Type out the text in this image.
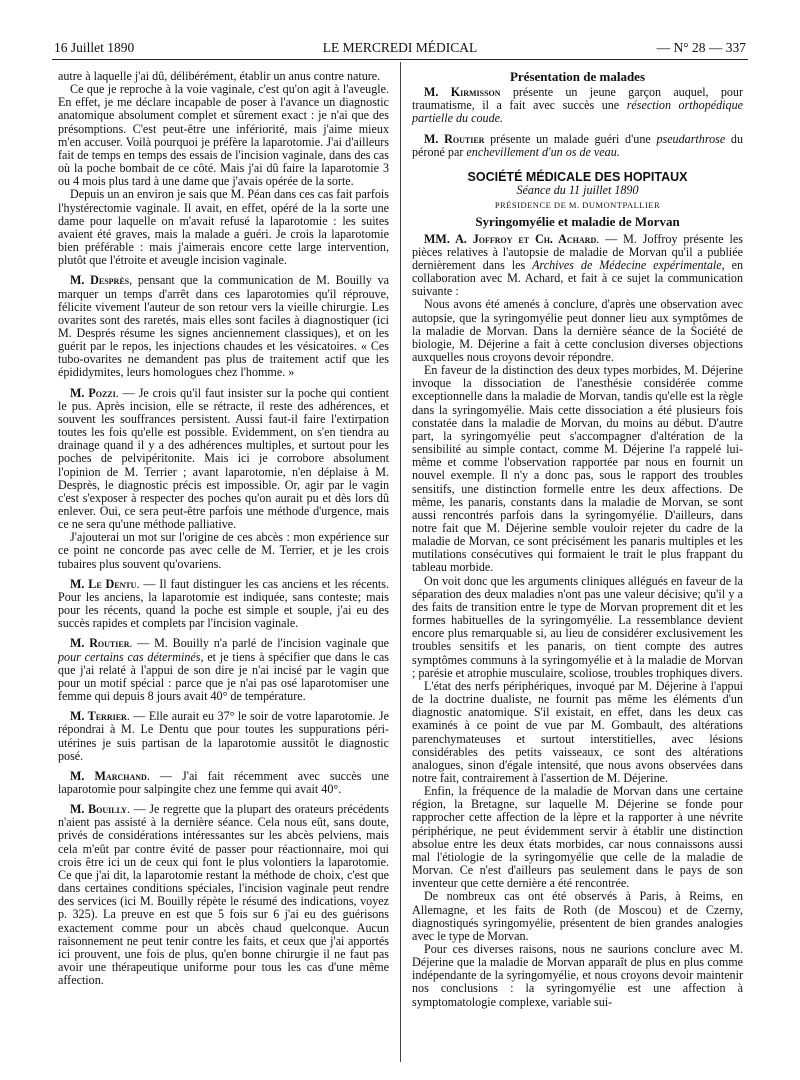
16 Juillet 1890	LE MERCREDI MÉDICAL	— N° 28 — 337

autre à laquelle j'ai dû, délibérément, établir un anus contre nature.

Ce que je reproche à la voie vaginale, c'est qu'on agit à l'aveugle. En effet, je me déclare incapable de poser à l'avance un diagnostic anatomique absolument complet et sûrement exact : je n'ai que des présomptions. C'est peut-être une infériorité, mais j'aime mieux m'en accuser. Voilà pourquoi je préfère la laparotomie. J'ai d'ailleurs fait de temps en temps des essais de l'incision vaginale, dans des cas où la poche bombait de ce côté. Mais j'ai dû faire la laparotomie 3 ou 4 mois plus tard à une dame que j'avais opérée de la sorte.

Depuis un an environ je sais que M. Péan dans ces cas fait parfois l'hystérectomie vaginale. Il avait, en effet, opéré de la la sorte une dame pour laquelle on m'avait refusé la laparotomie : les suites avaient été graves, mais la malade a guéri. Je crois la laparotomie bien préférable : mais j'aimerais encore cette large intervention, plutôt que l'étroite et aveugle incision vaginale.

M. Desprès, pensant que la communication de M. Bouilly va marquer un temps d'arrêt dans ces laparotomies qu'il réprouve, félicite vivement l'auteur de son retour vers la vieille chirurgie. Les ovarites sont des raretés, mais elles sont faciles à diagnostiquer (ici M. Després résume les signes anciennement classiques), et on les guérit par le repos, les injections chaudes et les vésicatoires. « Ces tubo-ovarites ne demandent pas plus de traitement actif que les épididymites, leurs homologues chez l'homme. »

M. Pozzi. — Je crois qu'il faut insister sur la poche qui contient le pus. Après incision, elle se rétracte, il reste des adhérences, et souvent les souffrances persistent. Aussi faut-il faire l'extirpation toutes les fois qu'elle est possible. Evidemment, on s'en tiendra au drainage quand il y a des adhérences multiples, et surtout pour les poches de pelvipéritonite. Mais ici je corrobore absolument l'opinion de M. Terrier ; avant laparotomie, n'en déplaise à M. Desprès, le diagnostic précis est impossible. Or, agir par le vagin c'est s'exposer à respecter des poches qu'on aurait pu et dès lors dû enlever. Oui, ce sera peut-être parfois une méthode d'urgence, mais ce ne sera qu'une méthode palliative.

J'ajouterai un mot sur l'origine de ces abcès : mon expérience sur ce point ne concorde pas avec celle de M. Terrier, et je les crois tubaires plus souvent qu'ovariens.

M. Le Dentu. — Il faut distinguer les cas anciens et les récents. Pour les anciens, la laparotomie est indiquée, sans conteste; mais pour les récents, quand la poche est simple et souple, j'ai eu des succès rapides et complets par l'incision vaginale.

M. Routier. — M. Bouilly n'a parlé de l'incision vaginale que pour certains cas déterminés, et je tiens à spécifier que dans le cas que j'ai relaté à l'appui de son dire je n'ai incisé par le vagin que pour un motif spécial : parce que je n'ai pas osé laparotomiser une femme qui depuis 8 jours avait 40° de température.

M. Terrier. — Elle aurait eu 37° le soir de votre laparotomie. Je répondrai à M. Le Dentu que pour toutes les suppurations péri-utérines je suis partisan de la laparotomie aussitôt le diagnostic posé.

M. Marchand. — J'ai fait récemment avec succès une laparotomie pour salpingite chez une femme qui avait 40°.

M. Bouilly. — Je regrette que la plupart des orateurs précédents n'aient pas assisté à la dernière séance. Cela nous eût, sans doute, privés de considérations intéressantes sur les abcès pelviens, mais cela m'eût par contre évité de passer pour réactionnaire, moi qui crois être ici un de ceux qui font le plus volontiers la laparotomie. Ce que j'ai dit, la laparotomie restant la méthode de choix, c'est que dans certaines conditions spéciales, l'incision vaginale peut rendre des services (ici M. Bouilly répète le résumé des indications, voyez p. 325). La preuve en est que 5 fois sur 6 j'ai eu des guérisons exactement comme pour un abcès chaud quelconque. Aucun raisonnement ne peut tenir contre les faits, et ceux que j'ai apportés ici prouvent, une fois de plus, qu'en bonne chirurgie il ne faut pas avoir une thérapeutique uniforme pour tous les cas d'une même affection.

Présentation de malades

M. Kirmisson présente un jeune garçon auquel, pour traumatisme, il a fait avec succès une résection orthopédique partielle du coude.

M. Routier présente un malade guéri d'une pseudarthrose du péroné par enchevillement d'un os de veau.

SOCIÉTÉ MÉDICALE DES HOPITAUX

Séance du 11 juillet 1890

PRÉSIDENCE DE M. DUMONTPALLIER

Syringomyélie et maladie de Morvan

MM. A. Joffroy et Ch. Achard. — M. Joffroy présente les pièces relatives à l'autopsie de maladie de Morvan qu'il a publiée dernièrement dans les Archives de Médecine expérimentale, en collaboration avec M. Achard, et fait à ce sujet la communication suivante :

Nous avons été amenés à conclure, d'après une observation avec autopsie, que la syringomyélie peut donner lieu aux symptômes de la maladie de Morvan. Dans la dernière séance de la Société de biologie, M. Déjerine a fait à cette conclusion diverses objections auxquelles nous croyons devoir répondre.

En faveur de la distinction des deux types morbides, M. Déjerine invoque la dissociation de l'anesthésie considérée comme exceptionnelle dans la maladie de Morvan, tandis qu'elle est la règle dans la syringomyélie. Mais cette dissociation a été plusieurs fois constatée dans la maladie de Morvan, du moins au début. D'autre part, la syringomyélie peut s'accompagner d'altération de la sensibilité au simple contact, comme M. Déjerine l'a rappelé lui-même et comme l'observation rapportée par nous en fournit un nouvel exemple. Il n'y a donc pas, sous le rapport des troubles sensitifs, une distinction formelle entre les deux affections. De même, les panaris, constants dans la maladie de Morvan, se sont aussi rencontrés parfois dans la syringomyélie. D'ailleurs, dans notre fait que M. Déjerine semble vouloir rejeter du cadre de la maladie de Morvan, ce sont précisément les panaris multiples et les mutilations consécutives qui formaient le trait le plus frappant du tableau morbide.

On voit donc que les arguments cliniques allégués en faveur de la séparation des deux maladies n'ont pas une valeur décisive; qu'il y a des faits de transition entre le type de Morvan proprement dit et les formes habituelles de la syringomyélie. La ressemblance devient encore plus remarquable si, au lieu de considérer exclusivement les troubles sensitifs et les panaris, on tient compte des autres symptômes communs à la syringomyélie et à la maladie de Morvan ; parésie et atrophie musculaire, scoliose, troubles trophiques divers.

L'état des nerfs périphériques, invoqué par M. Déjerine à l'appui de la doctrine dualiste, ne fournit pas même les éléments d'un diagnostic anatomique. S'il existait, en effet, dans les deux cas examinés à ce point de vue par M. Gombault, des altérations parenchymateuses et surtout interstitielles, avec lésions considérables des petits vaisseaux, ce sont des altérations analogues, sinon d'égale intensité, que nous avons observées dans notre fait, contrairement à l'assertion de M. Déjerine.

Enfin, la fréquence de la maladie de Morvan dans une certaine région, la Bretagne, sur laquelle M. Déjerine se fonde pour rapprocher cette affection de la lèpre et la rapporter à une névrite périphérique, ne peut évidemment servir à établir une distinction absolue entre les deux états morbides, car nous connaissons aussi mal l'étiologie de la syringomyélie que celle de la maladie de Morvan. Ce n'est d'ailleurs pas seulement dans le pays de son inventeur que cette dernière a été rencontrée.

De nombreux cas ont été observés à Paris, à Reims, en Allemagne, et les faits de Roth (de Moscou) et de Czerny, diagnostiqués syringomyélie, présentent de bien grandes analogies avec le type de Morvan.

Pour ces diverses raisons, nous ne saurions conclure avec M. Déjerine que la maladie de Morvan apparaît de plus en plus comme indépendante de la syringomyélie, et nous croyons devoir maintenir nos conclusions : la syringomyélie est une affection à symptomatologie complexe, variable sui-
